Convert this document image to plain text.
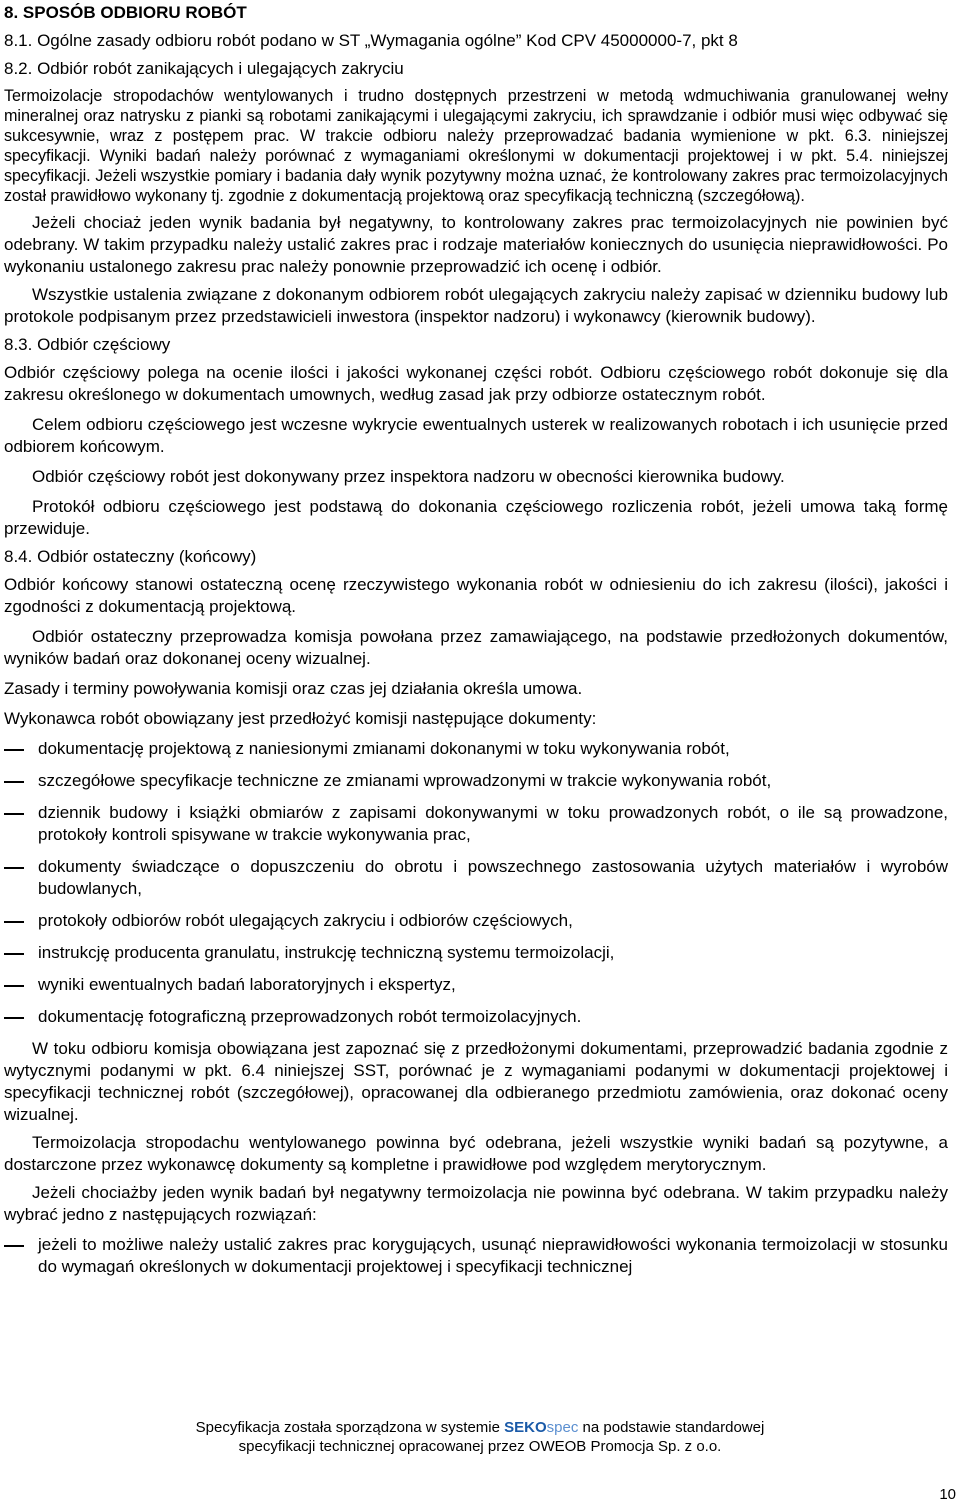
8. SPOSÓB ODBIORU ROBÓT

8.1. Ogólne zasady odbioru robót podano w ST „Wymagania ogólne” Kod CPV 45000000-7, pkt 8

8.2. Odbiór robót zanikających i ulegających zakryciu

Termoizolacje stropodachów wentylowanych i trudno dostępnych przestrzeni w metodą wdmuchiwania granulowanej wełny mineralnej oraz natrysku z pianki są robotami zanikającymi i ulegającymi zakryciu, ich sprawdzanie i odbiór musi więc odbywać się sukcesywnie, wraz z postępem prac. W trakcie odbioru należy przeprowadzać badania wymienione w pkt. 6.3. niniejszej specyfikacji. Wyniki badań należy porównać z wymaganiami określonymi w dokumentacji projektowej i w pkt. 5.4. niniejszej specyfikacji. Jeżeli wszystkie pomiary i badania dały wynik pozytywny można uznać, że kontrolowany zakres prac termoizolacyjnych został prawidłowo wykonany tj. zgodnie z dokumentacją projektową oraz specyfikacją techniczną (szczegółową).

Jeżeli chociaż jeden wynik badania był negatywny, to kontrolowany zakres prac termoizolacyjnych nie powinien być odebrany. W takim przypadku należy ustalić zakres prac i rodzaje materiałów koniecznych do usunięcia nieprawidłowości. Po wykonaniu ustalonego zakresu prac należy ponownie przeprowadzić ich ocenę i odbiór.

Wszystkie ustalenia związane z dokonanym odbiorem robót ulegających zakryciu należy zapisać w dzienniku budowy lub protokole podpisanym przez przedstawicieli inwestora (inspektor nadzoru) i wykonawcy (kierownik budowy).

8.3. Odbiór częściowy

Odbiór częściowy polega na ocenie ilości i jakości wykonanej części robót. Odbioru częściowego robót dokonuje się dla zakresu określonego w dokumentach umownych, według zasad jak przy odbiorze ostatecznym robót.

Celem odbioru częściowego jest wczesne wykrycie ewentualnych usterek w realizowanych robotach i ich usunięcie przed odbiorem końcowym.

Odbiór częściowy robót jest dokonywany przez inspektora nadzoru w obecności kierownika budowy.

Protokół odbioru częściowego jest podstawą do dokonania częściowego rozliczenia robót, jeżeli umowa taką formę przewiduje.

8.4. Odbiór ostateczny (końcowy)

Odbiór końcowy stanowi ostateczną ocenę rzeczywistego wykonania robót w odniesieniu do ich zakresu (ilości), jakości i zgodności z dokumentacją projektową.

Odbiór ostateczny przeprowadza komisja powołana przez zamawiającego, na podstawie przedłożonych dokumentów, wyników badań oraz dokonanej oceny wizualnej.

Zasady i terminy powoływania komisji oraz czas jej działania określa umowa.

Wykonawca robót obowiązany jest przedłożyć komisji następujące dokumenty:

dokumentację projektową z naniesionymi zmianami dokonanymi w toku wykonywania robót,
szczegółowe specyfikacje techniczne ze zmianami wprowadzonymi w trakcie wykonywania robót,
dziennik budowy i książki obmiarów z zapisami dokonywanymi w toku prowadzonych robót, o ile są prowadzone, protokoły kontroli spisywane w trakcie wykonywania prac,
dokumenty świadczące o dopuszczeniu do obrotu i powszechnego zastosowania użytych materiałów i wyrobów budowlanych,
protokoły odbiorów robót ulegających zakryciu i odbiorów częściowych,
instrukcję producenta granulatu, instrukcję techniczną systemu termoizolacji,
wyniki ewentualnych badań laboratoryjnych i ekspertyz,
dokumentację fotograficzną przeprowadzonych robót termoizolacyjnych.

W toku odbioru komisja obowiązana jest zapoznać się z przedłożonymi dokumentami, przeprowadzić badania zgodnie z wytycznymi podanymi w pkt. 6.4 niniejszej SST, porównać je z wymaganiami podanymi w dokumentacji projektowej i specyfikacji technicznej robót (szczegółowej), opracowanej dla odbieranego przedmiotu zamówienia, oraz dokonać oceny wizualnej.

Termoizolacja stropodachu wentylowanego powinna być odebrana, jeżeli wszystkie wyniki badań są pozytywne, a dostarczone przez wykonawcę dokumenty są kompletne i prawidłowe pod względem merytorycznym.

Jeżeli chociażby jeden wynik badań był negatywny termoizolacja nie powinna być odebrana. W takim przypadku należy wybrać jedno z następujących rozwiązań:

jeżeli to możliwe należy ustalić zakres prac korygujących, usunąć nieprawidłowości wykonania termoizolacji w stosunku do wymagań określonych w dokumentacji projektowej i specyfikacji technicznej
Specyfikacja została sporządzona w systemie SEKOspec na podstawie standardowej
specyfikacji technicznej opracowanej przez OWEOB Promocja Sp. z o.o.
10
